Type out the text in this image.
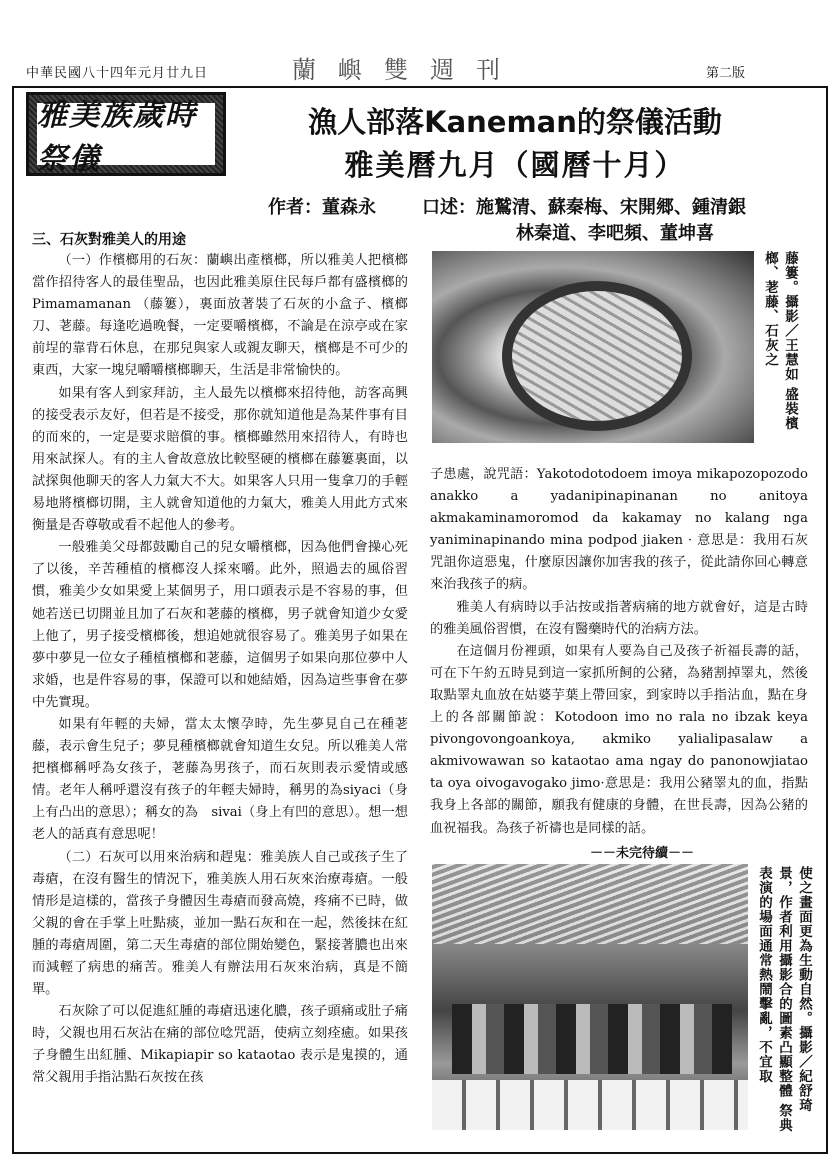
中華民國八十四年元月廿九日	蘭嶼雙週刊	第二版
雅美族歲時祭儀
漁人部落Kaneman的祭儀活動
雅美曆九月（國曆十月）
作者：董森永	口述：施鷲清、蘇秦梅、宋開郷、鍾清銀
林秦道、李吧頻、董坤喜
三、石灰對雅美人的用途

（一）作檳榔用的石灰：蘭嶼出產檳榔，所以雅美人把檳榔當作招待客人的最佳聖品，也因此雅美原住民每戶都有盛檳榔的Pimamamanan （藤簍），裏面放著裝了石灰的小盒子、檳榔刀、荖藤。每逢吃過晚餐，一定要嚼檳榔，不論是在涼亭或在家前埕的靠背石休息，在那兒與家人或親友聊天，檳榔是不可少的東西，大家一塊兒嚼嚼檳榔聊天，生活是非常愉快的。

如果有客人到家拜訪，主人最先以檳榔來招待他，訪客高興的接受表示友好，但若是不接受，那你就知道他是為某件事有目的而來的，一定是要求賠償的事。檳榔雖然用來招待人，有時也用來試探人。有的主人會故意放比較堅硬的檳榔在藤簍裏面，以試探與他聊天的客人力氣大不大。如果客人只用一隻拿刀的手輕易地將檳榔切開，主人就會知道他的力氣大，雅美人用此方式來衡量是否尊敬或看不起他人的參考。

一般雅美父母都鼓勵自己的兒女嚼檳榔，因為他們會操心死了以後，辛苦種植的檳榔沒人採來嚼。此外，照過去的風俗習慣，雅美少女如果愛上某個男子，用口頭表示是不容易的事，但她若送已切開並且加了石灰和荖藤的檳榔，男子就會知道少女愛上他了，男子接受檳榔後，想追她就很容易了。雅美男子如果在夢中夢見一位女子種植檳榔和荖藤，這個男子如果向那位夢中人求婚，也是件容易的事，保證可以和她結婚，因為這些事會在夢中先實現。

如果有年輕的夫婦，當太太懷孕時，先生夢見自己在種荖藤，表示會生兒子；夢見種檳榔就會知道生女兒。所以雅美人常把檳榔稱呼為女孩子，荖藤為男孩子，而石灰則表示愛情或感情。老年人稱呼還沒有孩子的年輕夫婦時，稱男的為siyaci（身上有凸出的意思）；稱女的為　sivai（身上有凹的意思）。想一想老人的話真有意思呢！

（二）石灰可以用來治病和趕鬼：雅美族人自己或孩子生了毒瘡，在沒有醫生的情況下，雅美族人用石灰來治療毒瘡。一般情形是這樣的，當孩子身體因生毒瘡而發高燒，疼痛不已時，做父親的會在手掌上吐點痰，並加一點石灰和在一起，然後抹在紅腫的毒瘡周圍，第二天生毒瘡的部位開始變色，緊接著膿也出來而減輕了病患的痛苦。雅美人有辦法用石灰來治病，真是不簡單。

石灰除了可以促進紅腫的毒瘡迅速化膿，孩子頭痛或肚子痛時，父親也用石灰沾在痛的部位唸咒語，使病立刻痊癒。如果孩子身體生出紅腫、Mikapiapir so kataotao 表示是鬼摸的，通常父親用手指沾點石灰按在孩

藤簍。攝影／王慧如 盛裝檳榔、荖藤、石灰之

子患處，說咒語：Yakotodotodoem imoya mikapozopozodo anakko a yadanipinapinanan no anitoya akmakaminamoromod da kakamay no kalang nga yaniminapinando mina podpod jiaken · 意思是：我用石灰咒詛你這惡鬼，什麼原因讓你加害我的孩子，從此請你回心轉意來治我孩子的病。

雅美人有病時以手沾按或指著病痛的地方就會好，這是古時的雅美風俗習慣，在沒有醫藥時代的治病方法。

在這個月份裡頭，如果有人要為自己及孩子祈福長壽的話，可在下午約五時見到這一家抓所飼的公豬，為豬割掉睪丸，然後取點睪丸血放在姑婆芋葉上帶回家，到家時以手指沾血，點在身上的各部關節說：Kotodoon imo no rala no ibzak keya pivongovongoankoya, akmiko yalialipasalaw a akmivowawan so kataotao ama ngay do panonowjiatao ta oya oivogavogako jimo·意思是：我用公豬睪丸的血，指點我身上各部的關節，願我有健康的身體，在世長壽，因為公豬的血祝福我。為孩子祈禱也是同樣的話。

－－未完待續－－
使之畫面更為生動自然。攝影／紀舒琦 景，作者利用攝影合的圖素凸顯整體 祭典表演的場面通常熱鬧擊亂，不宜取
